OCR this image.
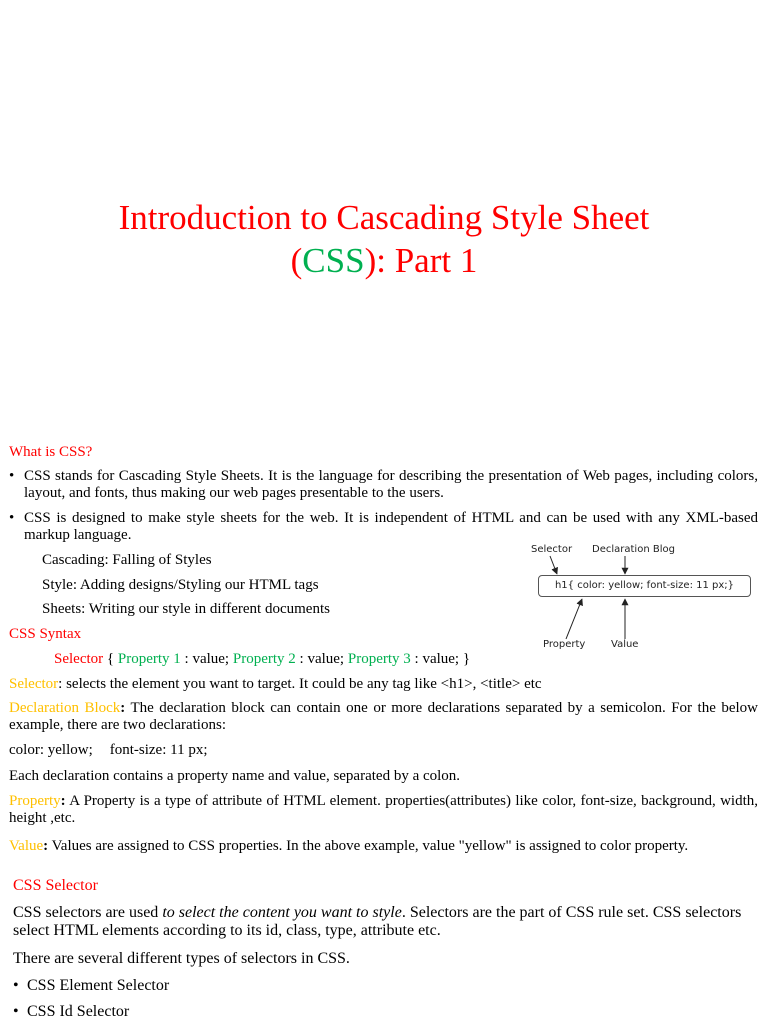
Introduction to Cascading Style Sheet
(CSS): Part 1

What is CSS?

• CSS stands for Cascading Style Sheets. It is the language for describing the presentation of Web pages, including colors, layout, and fonts, thus making our web pages presentable to the users.

• CSS is designed to make style sheets for the web. It is independent of HTML and can be used with any XML-based markup language.

Cascading: Falling of Styles

Style: Adding designs/Styling our HTML tags

Sheets: Writing our style in different documents

CSS Syntax

Selector { Property 1 : value; Property 2 : value; Property 3 : value; }

Selector: selects the element you want to target. It could be any tag like <h1>, <title> etc

Declaration Block: The declaration block can contain one or more declarations separated by a semicolon. For the below example, there are two declarations:

color: yellow; font-size: 11 px;

Each declaration contains a property name and value, separated by a colon.

Property: A Property is a type of attribute of HTML element. properties(attributes) like color, font-size, background, width, height ,etc.

Value: Values are assigned to CSS properties. In the above example, value "yellow" is assigned to color property.

Selector Declaration Blog
h1{ color: yellow; font-size: 11 px;}
Property	Value

CSS Selector

CSS selectors are used to select the content you want to style. Selectors are the part of CSS rule set. CSS selectors select HTML elements according to its id, class, type, attribute etc.

There are several different types of selectors in CSS.

• CSS Element Selector

• CSS Id Selector
